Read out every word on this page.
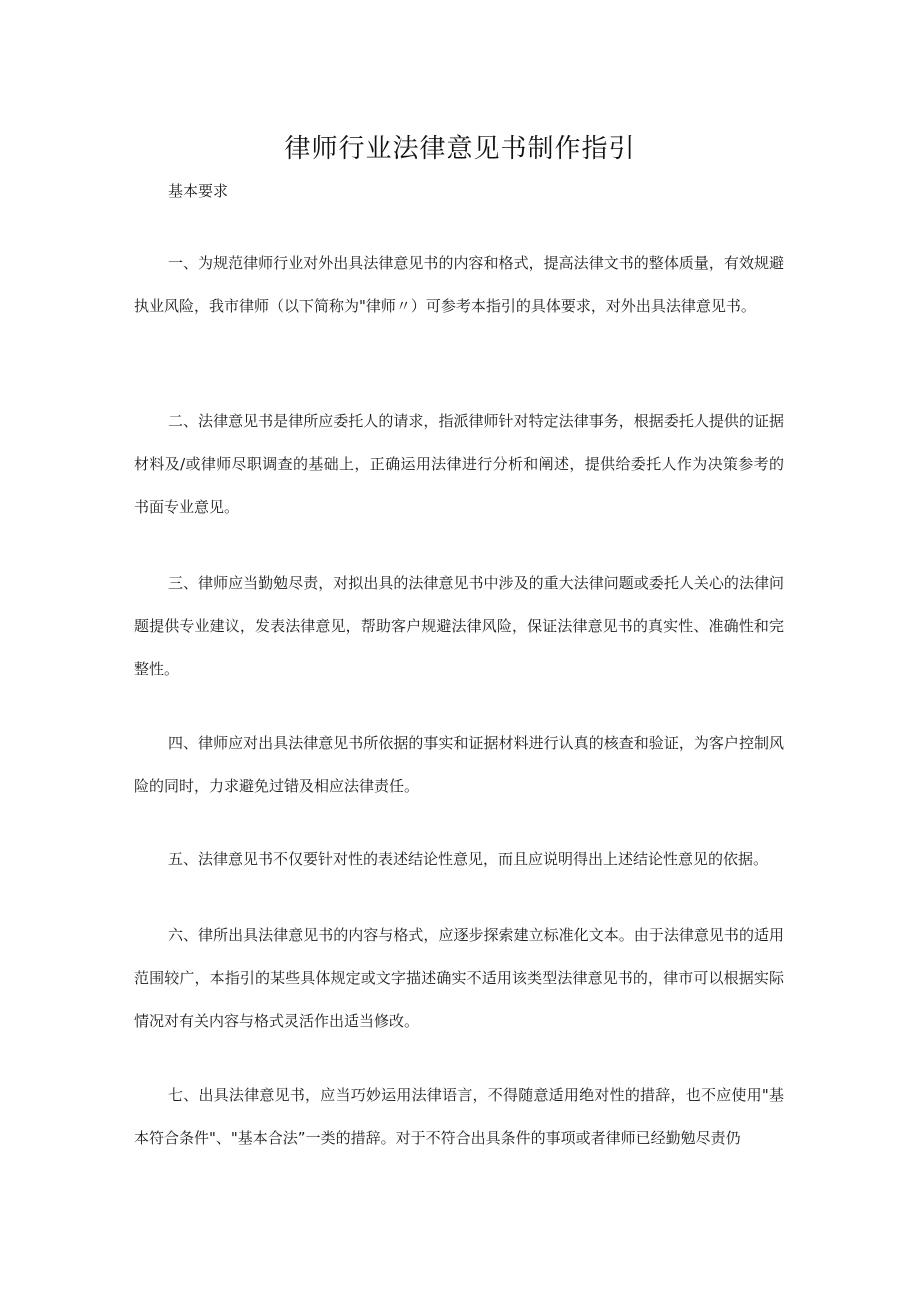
律师行业法律意见书制作指引
基本要求

一、为规范律师行业对外出具法律意见书的内容和格式，提高法律文书的整体质量，有效规避执业风险，我市律师（以下简称为"律师〃）可参考本指引的具体要求，对外出具法律意见书。

二、法律意见书是律所应委托人的请求，指派律师针对特定法律事务，根据委托人提供的证据材料及/或律师尽职调查的基础上，正确运用法律进行分析和阐述，提供给委托人作为决策参考的书面专业意见。

三、律师应当勤勉尽责，对拟出具的法律意见书中涉及的重大法律问题或委托人关心的法律问题提供专业建议，发表法律意见，帮助客户规避法律风险，保证法律意见书的真实性、准确性和完整性。

四、律师应对出具法律意见书所依据的事实和证据材料进行认真的核查和验证，为客户控制风险的同时，力求避免过错及相应法律责任。

五、法律意见书不仅要针对性的表述结论性意见，而且应说明得出上述结论性意见的依据。

六、律所出具法律意见书的内容与格式，应逐步探索建立标准化文本。由于法律意见书的适用范围较广，本指引的某些具体规定或文字描述确实不适用该类型法律意见书的，律市可以根据实际情况对有关内容与格式灵活作出适当修改。

七、出具法律意见书，应当巧妙运用法律语言，不得随意适用绝对性的措辞，也不应使用"基本符合条件"、"基本合法”一类的措辞。对于不符合出具条件的事项或者律师已经勤勉尽责仍
